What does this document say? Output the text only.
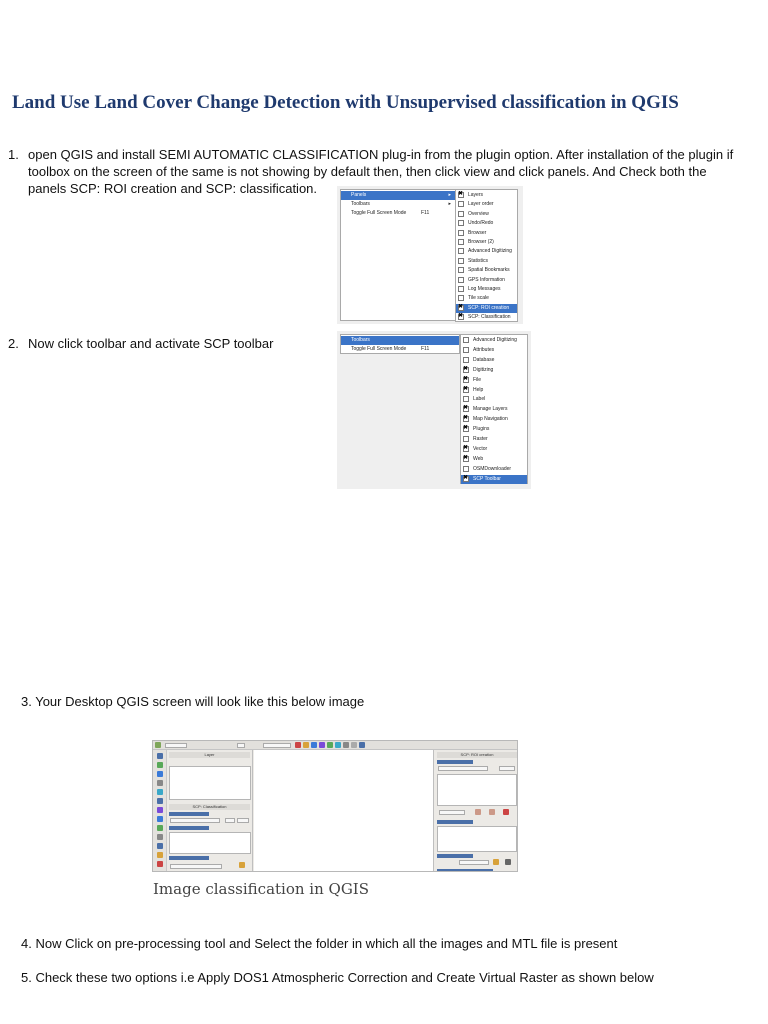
Land Use Land Cover Change Detection with Unsupervised classification in QGIS
1. open QGIS and install SEMI AUTOMATIC CLASSIFICATION plug-in from the plugin option. After installation of the plugin if
toolbox on the screen of the same is not showing by default then, then click view and click panels. And Check both the
panels SCP: ROI creation and SCP: classification.	Panels	▸
Toolbars	▸
Toggle Full Screen Mode	F11
✖
Layers
Layer order
Overview
Undo/Redo
Browser
Browser (2)
Advanced Digitizing
Statistics
Spatial Bookmarks
GPS Information
Log Messages
Tile scale
✖
SCP: ROI creation
✖
SCP: Classification
2. Now click toolbar and activate SCP toolbar	Toolbars
Toggle Full Screen Mode	F11
Advanced Digitizing
Attributes
Database
✖
Digitizing
✖
File
✖
Help
Label
✖
Manage Layers
✖
Map Navigation
✖
Plugins
Raster
✖
Vector
✖
Web
OSMDownloader
✖
SCP Toolbar
3. Your Desktop QGIS screen will look like this below image
Layer
SCP: Classification
SCP: ROI creation
Image classification in QGIS
4. Now Click on pre-processing tool and Select the folder in which all the images and MTL file is present
5. Check these two options i.e Apply DOS1 Atmospheric Correction and Create Virtual Raster as shown below
